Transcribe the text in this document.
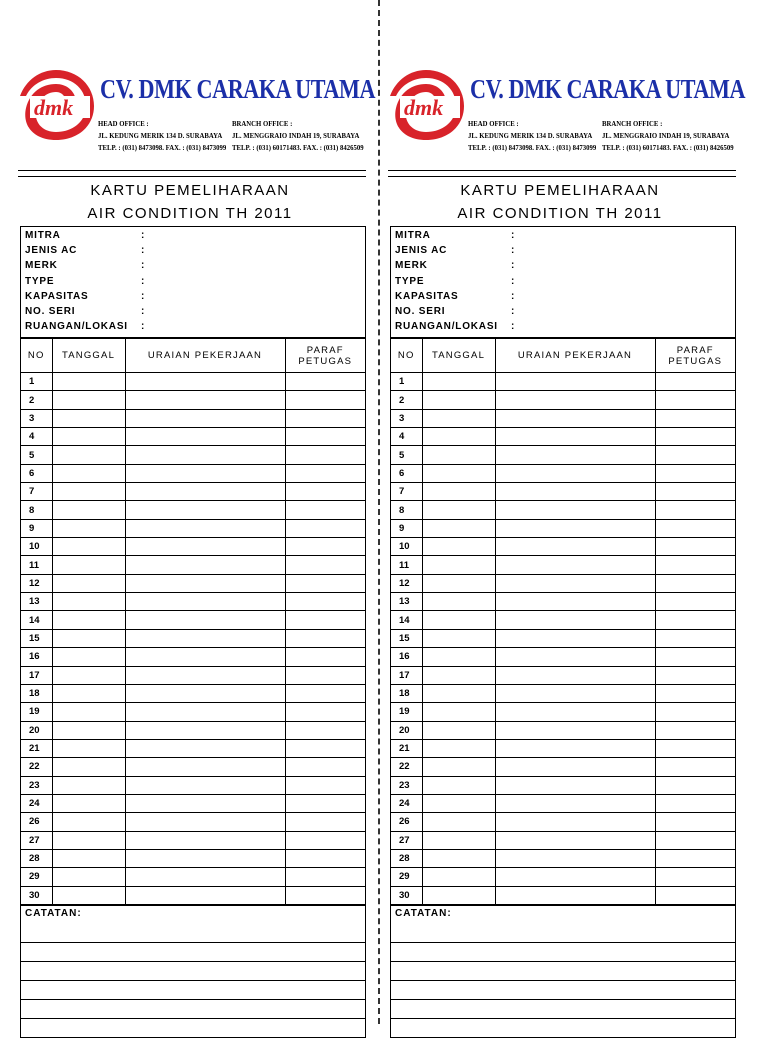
dmk
CV. DMK CARAKA UTAMA
HEAD OFFICE :
JL. KEDUNG MERIK 134 D. SURABAYA
TELP. : (031) 8473098. FAX. : (031) 8473099
BRANCH OFFICE :
JL. MENGGRAIO INDAH 19, SURABAYA
TELP. : (031) 60171483. FAX. : (031) 8426509
KARTU PEMELIHARAAN
AIR CONDITION TH 2011
MITRA	:
JENIS AC	:
MERK	:
TYPE	:
KAPASITAS	:
NO. SERI	:
RUANGAN/LOKASI	:
NO	TANGGAL	URAIAN PEKERJAAN	PARAF
PETUGAS

1			
2			
3			
4			
5			
6			
7			
8			
9			
10			
11			
12			
13			
14			
15			
16			
17			
18			
19			
20			
21			
22			
23			
24			
26			
27			
28			
29			
30			
CATATAN:
dmk
CV. DMK CARAKA UTAMA
HEAD OFFICE :
JL. KEDUNG MERIK 134 D. SURABAYA
TELP. : (031) 8473098. FAX. : (031) 8473099
BRANCH OFFICE :
JL. MENGGRAIO INDAH 19, SURABAYA
TELP. : (031) 60171483. FAX. : (031) 8426509
KARTU PEMELIHARAAN
AIR CONDITION TH 2011
MITRA	:
JENIS AC	:
MERK	:
TYPE	:
KAPASITAS	:
NO. SERI	:
RUANGAN/LOKASI	:
NO	TANGGAL	URAIAN PEKERJAAN	PARAF
PETUGAS

1			
2			
3			
4			
5			
6			
7			
8			
9			
10			
11			
12			
13			
14			
15			
16			
17			
18			
19			
20			
21			
22			
23			
24			
26			
27			
28			
29			
30			
CATATAN:
